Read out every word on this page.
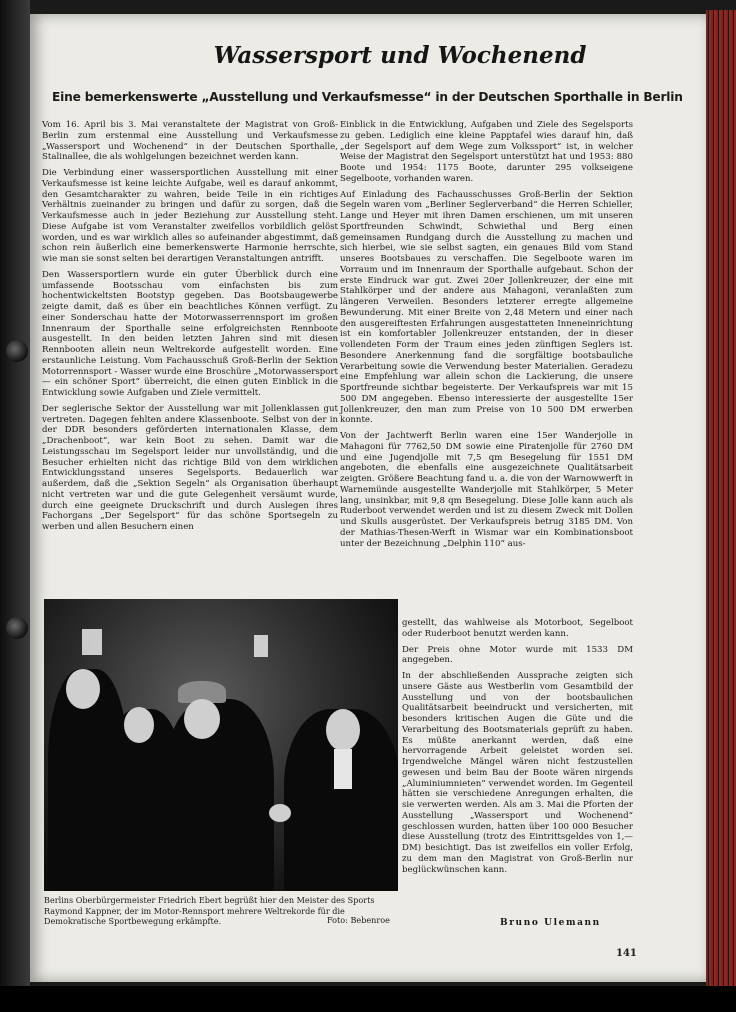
Wassersport und Wochenend
Eine bemerkenswerte „Ausstellung und Verkaufsmesse“ in der Deutschen Sporthalle in Berlin

Vom 16. April bis 3. Mai veranstaltete der Magistrat von Groß-Berlin zum erstenmal eine Ausstellung und Verkaufsmesse „Wassersport und Wochenend“ in der Deutschen Sporthalle, Stalinallee, die als wohlgelungen bezeichnet werden kann.

Die Verbindung einer wassersportlichen Ausstellung mit einer Verkaufsmesse ist keine leichte Aufgabe, weil es darauf ankommt, den Gesamtcharakter zu wahren, beide Teile in ein richtiges Verhältnis zueinander zu bringen und dafür zu sorgen, daß die Verkaufsmesse auch in jeder Beziehung zur Ausstellung steht. Diese Aufgabe ist vom Veranstalter zweifellos vorbildlich gelöst worden, und es war wirklich alles so aufeinander abgestimmt, daß schon rein äußerlich eine bemerkenswerte Harmonie herrschte, wie man sie sonst selten bei derartigen Veranstaltungen antrifft.

Den Wassersportlern wurde ein guter Überblick durch eine umfassende Bootsschau vom einfachsten bis zum hochentwickeltsten Bootstyp gegeben. Das Bootsbaugewerbe zeigte damit, daß es über ein beachtliches Können verfügt. Zu einer Sonderschau hatte der Motorwasserrennsport im großen Innenraum der Sporthalle seine erfolgreichsten Rennboote ausgestellt. In den beiden letzten Jahren sind mit diesen Rennbooten allein neun Weltrekorde aufgestellt worden. Eine erstaunliche Leistung. Vom Fachausschuß Groß-Berlin der Sektion Motorrennsport - Wasser wurde eine Broschüre „Motorwassersport — ein schöner Sport“ überreicht, die einen guten Einblick in die Entwicklung sowie Aufgaben und Ziele vermittelt.

Der seglerische Sektor der Ausstellung war mit Jollenklassen gut vertreten. Dagegen fehlten andere Klassenboote. Selbst von der in der DDR besonders geförderten internationalen Klasse, dem „Drachenboot“, war kein Boot zu sehen. Damit war die Leistungsschau im Segelsport leider nur unvollständig, und die Besucher erhielten nicht das richtige Bild von dem wirklichen Entwicklungsstand unseres Segelsports. Bedauerlich war außerdem, daß die „Sektion Segeln“ als Organisation überhaupt nicht vertreten war und die gute Gelegenheit versäumt wurde, durch eine geeignete Druckschrift und durch Auslegen ihres Fachorgans „Der Segelsport“ für das schöne Sportsegeln zu werben und allen Besuchern einen

Einblick in die Entwicklung, Aufgaben und Ziele des Segelsports zu geben. Lediglich eine kleine Papptafel wies darauf hin, daß „der Segelsport auf dem Wege zum Volkssport“ ist, in welcher Weise der Magistrat den Segelsport unterstützt hat und 1953: 880 Boote und 1954: 1175 Boote, darunter 295 volkseigene Segelboote, vorhanden waren.

Auf Einladung des Fachausschusses Groß-Berlin der Sektion Segeln waren vom „Berliner Seglerverband“ die Herren Schieller, Lange und Heyer mit ihren Damen erschienen, um mit unseren Sportfreunden Schwindt, Schwiethal und Berg einen gemeinsamen Rundgang durch die Ausstellung zu machen und sich hierbei, wie sie selbst sagten, ein genaues Bild vom Stand unseres Bootsbaues zu verschaffen. Die Segelboote waren im Vorraum und im Innenraum der Sporthalle aufgebaut. Schon der erste Eindruck war gut. Zwei 20er Jollenkreuzer, der eine mit Stahlkörper und der andere aus Mahagoni, veranlaßten zum längeren Verweilen. Besonders letzterer erregte allgemeine Bewunderung. Mit einer Breite von 2,48 Metern und einer nach den ausgereiftesten Erfahrungen ausgestatteten Inneneinrichtung ist ein komfortabler Jollenkreuzer entstanden, der in dieser vollendeten Form der Traum eines jeden zünftigen Seglers ist. Besondere Anerkennung fand die sorgfältige bootsbauliche Verarbeitung sowie die Verwendung bester Materialien. Geradezu eine Empfehlung war allein schon die Lackierung, die unsere Sportfreunde sichtbar begeisterte. Der Verkaufspreis war mit 15 500 DM angegeben. Ebenso interessierte der ausgestellte 15er Jollenkreuzer, den man zum Preise von 10 500 DM erwerben konnte.

Von der Jachtwerft Berlin waren eine 15er Wanderjolle in Mahagoni für 7762,50 DM sowie eine Piratenjolle für 2760 DM und eine Jugendjolle mit 7,5 qm Besegelung für 1551 DM angeboten, die ebenfalls eine ausgezeichnete Qualitätsarbeit zeigten. Größere Beachtung fand u. a. die von der Warnowwerft in Warnemünde ausgestellte Wanderjolle mit Stahlkörper, 5 Meter lang, unsinkbar, mit 9,8 qm Besegelung. Diese Jolle kann auch als Ruderboot verwendet werden und ist zu diesem Zweck mit Dollen und Skulls ausgerüstet. Der Verkaufspreis betrug 3185 DM. Von der Mathias-Thesen-Werft in Wismar war ein Kombinationsboot unter der Bezeichnung „Delphin 110“ aus-

gestellt, das wahlweise als Motorboot, Segelboot oder Ruderboot benutzt werden kann.

Der Preis ohne Motor wurde mit 1533 DM angegeben.

In der abschließenden Aussprache zeigten sich unsere Gäste aus Westberlin vom Gesamtbild der Ausstellung und von der bootsbaulichen Qualitätsarbeit beeindruckt und versicherten, mit besonders kritischen Augen die Güte und die Verarbeitung des Bootsmaterials geprüft zu haben. Es müßte anerkannt werden, daß eine hervorragende Arbeit geleistet worden sei. Irgendwelche Mängel wären nicht festzustellen gewesen und beim Bau der Boote wären nirgends „Aluminiumnieten“ verwendet worden. Im Gegenteil hätten sie verschiedene Anregungen erhalten, die sie verwerten werden. Als am 3. Mai die Pforten der Ausstellung „Wassersport und Wochenend“ geschlossen wurden, hatten über 100 000 Besucher diese Ausstellung (trotz des Eintrittsgeldes von 1,— DM) besichtigt. Das ist zweifellos ein voller Erfolg, zu dem man den Magistrat von Groß-Berlin nur beglückwünschen kann.

Berlins Oberbürgermeister Friedrich Ebert begrüßt hier den Meister des Sports Raymond Kappner, der im Motor-Rennsport mehrere Weltrekorde für die Demokratische Sportbewegung erkämpfte.	Foto: Bebenroe	Bruno Ulemann
141
